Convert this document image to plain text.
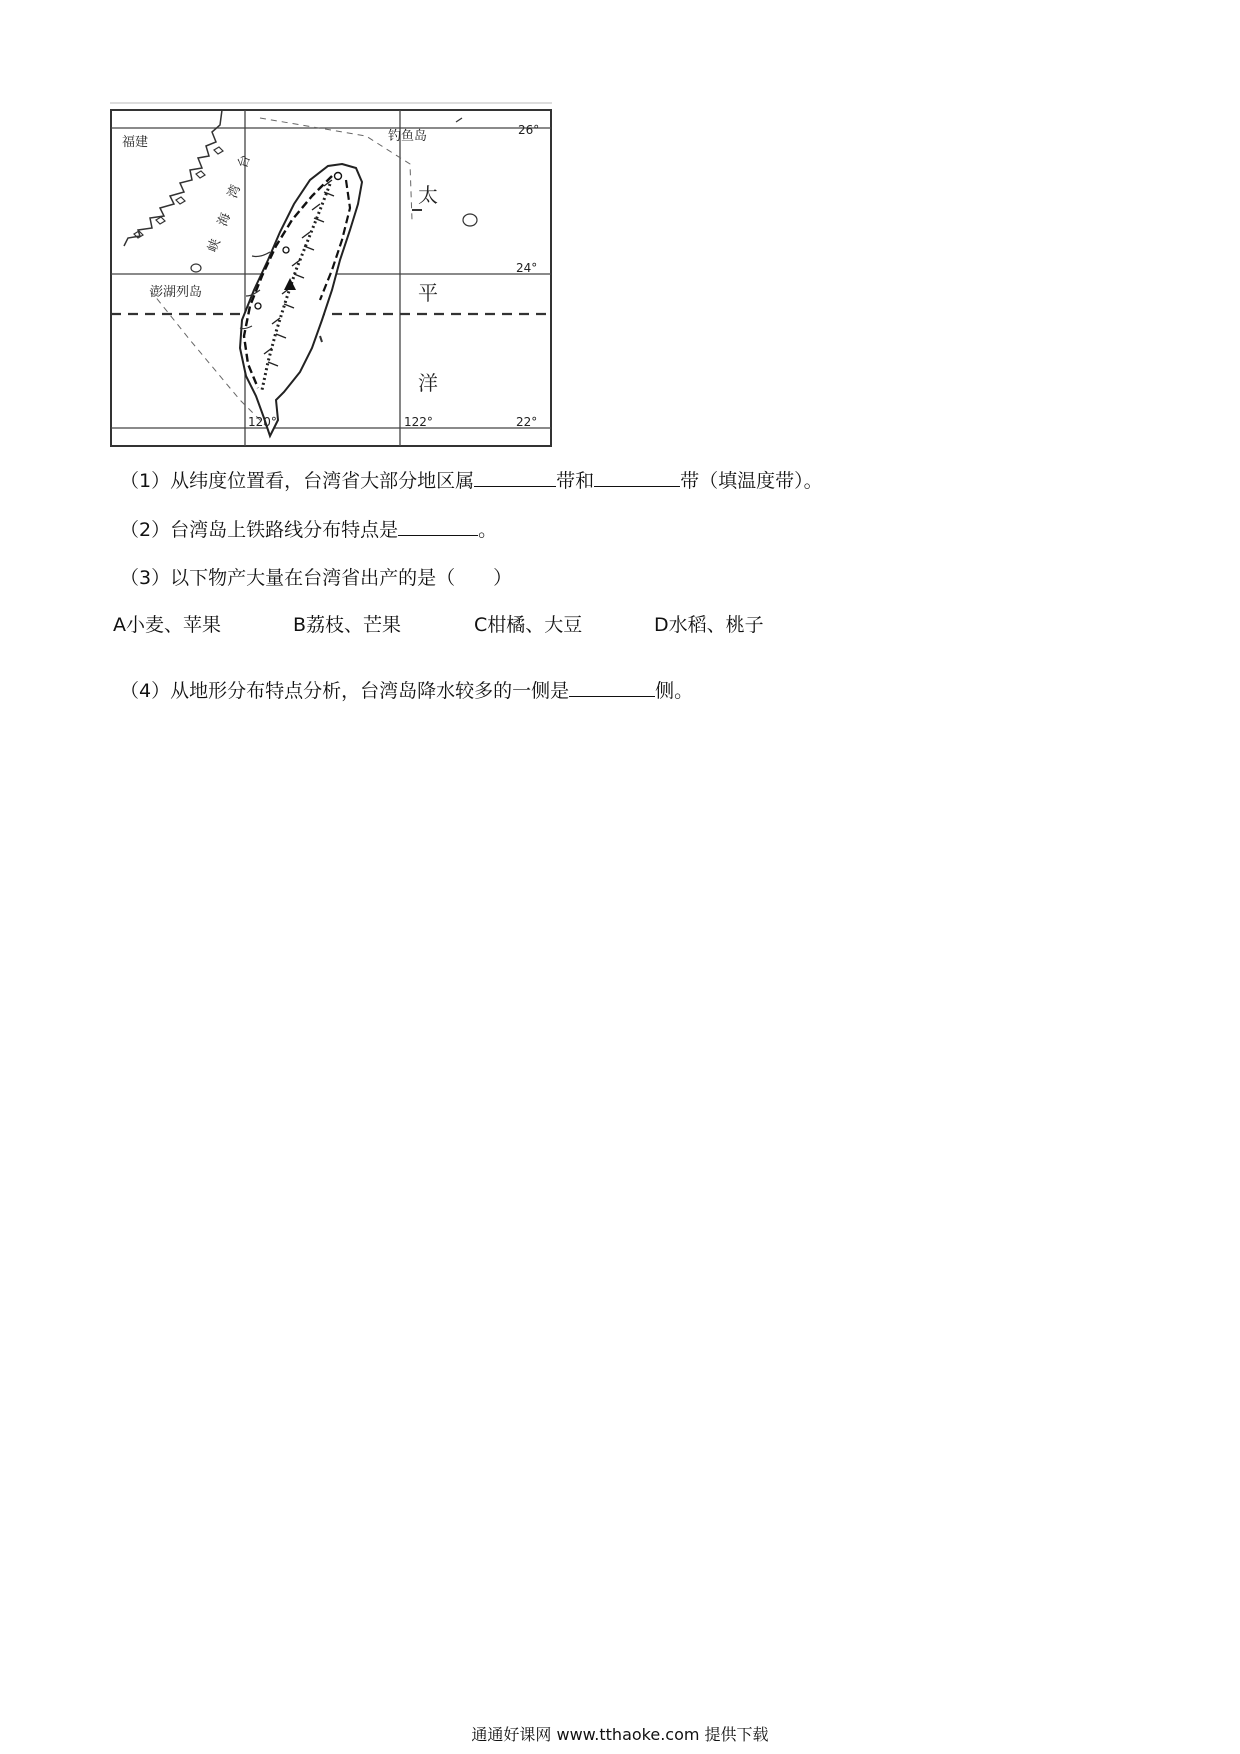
福建	钓鱼岛
澎湖列岛
台
湾
海
峡
太
平
洋
26°
24°
22°
120°	122°
（1）从纬度位置看，台湾省大部分地区属	带和	带（填温度带）。
（2）台湾岛上铁路线分布特点是	。
（3）以下物产大量在台湾省出产的是（　　）
A小麦、苹果	B荔枝、芒果	C柑橘、大豆	D水稻、桃子
（4）从地形分布特点分析，台湾岛降水较多的一侧是	侧。
通通好课网 www.tthaoke.com 提供下载
